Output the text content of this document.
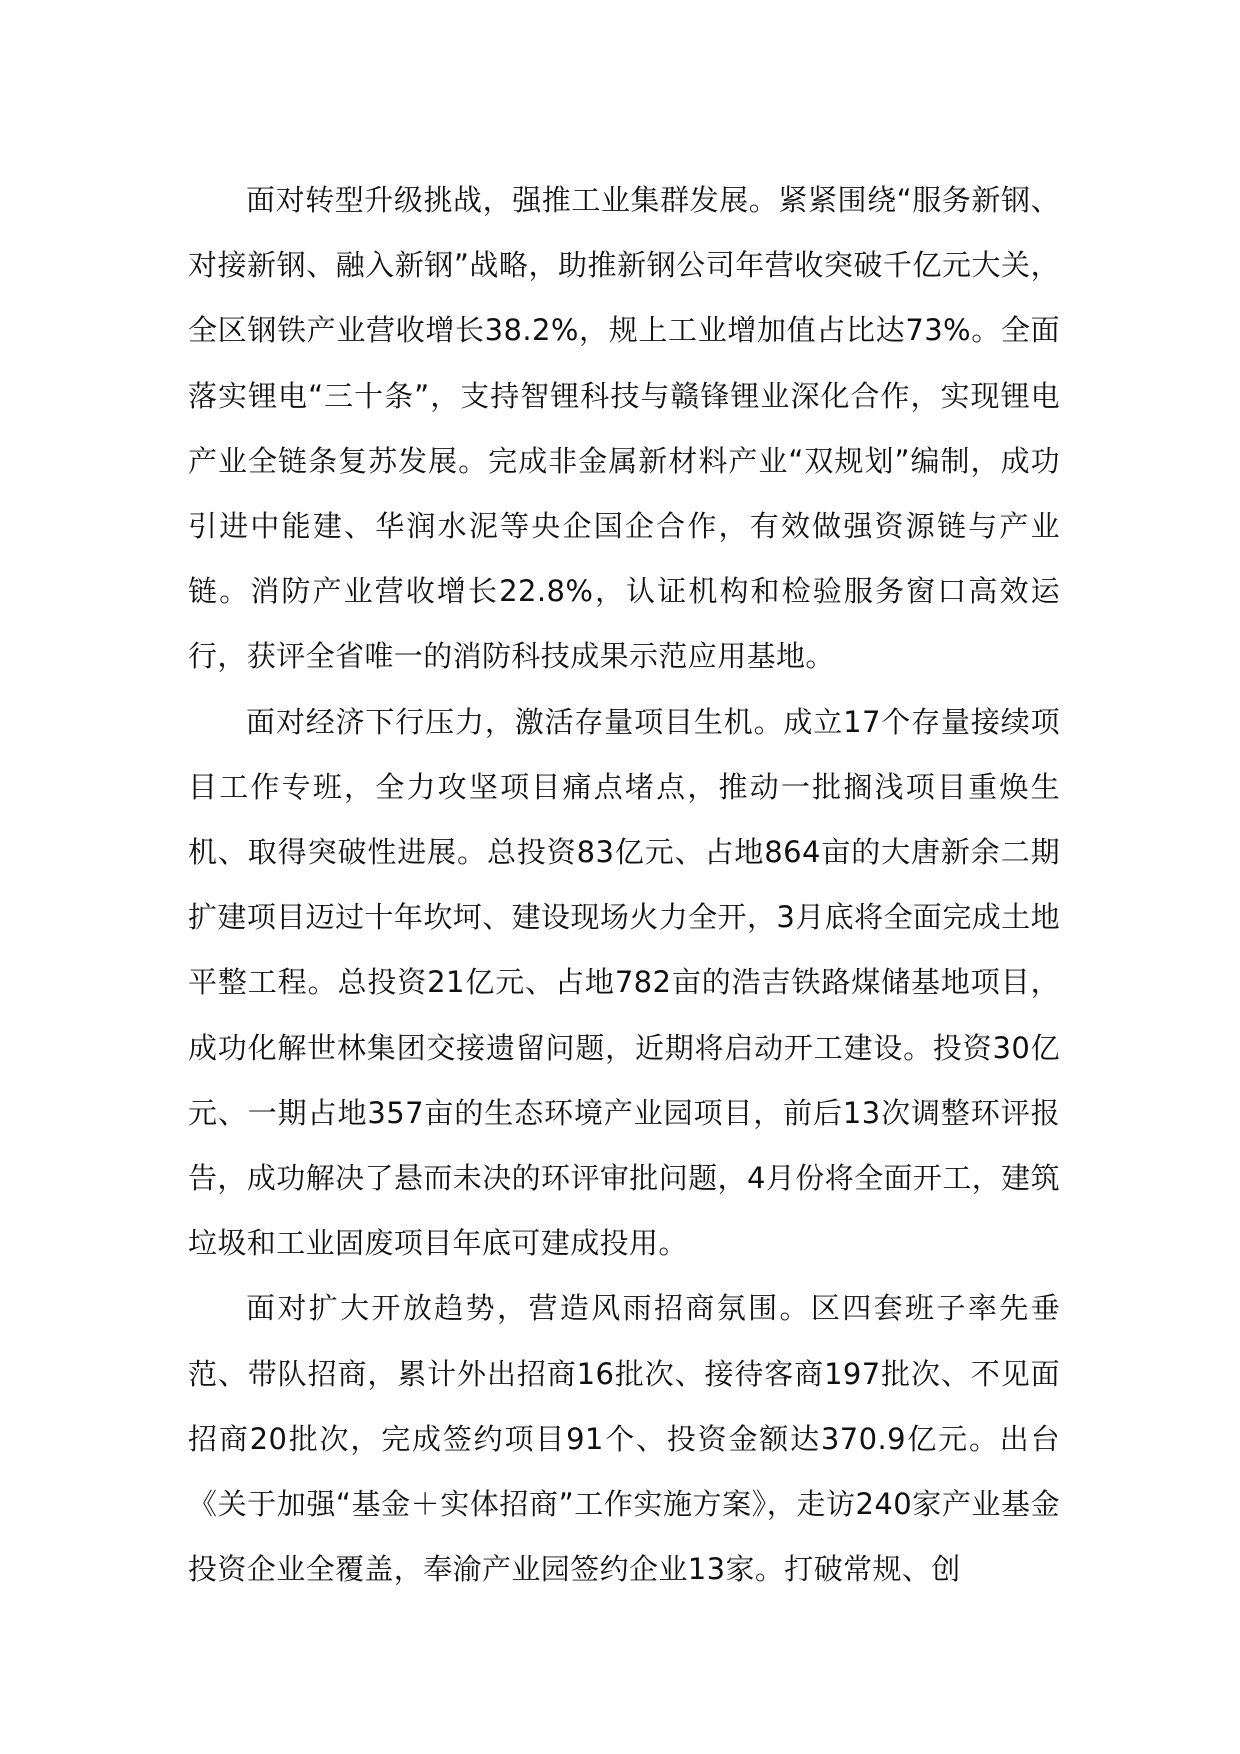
面对转型升级挑战，强推工业集群发展。紧紧围绕“服务新钢、对接新钢、融入新钢”战略，助推新钢公司年营收突破千亿元大关，全区钢铁产业营收增长38.2%，规上工业增加值占比达73%。全面落实锂电“三十条”，支持智锂科技与赣锋锂业深化合作，实现锂电产业全链条复苏发展。完成非金属新材料产业“双规划”编制，成功引进中能建、华润水泥等央企国企合作，有效做强资源链与产业链。消防产业营收增长22.8%，认证机构和检验服务窗口高效运行，获评全省唯一的消防科技成果示范应用基地。

面对经济下行压力，激活存量项目生机。成立17个存量接续项目工作专班，全力攻坚项目痛点堵点，推动一批搁浅项目重焕生机、取得突破性进展。总投资83亿元、占地864亩的大唐新余二期扩建项目迈过十年坎坷、建设现场火力全开，3月底将全面完成土地平整工程。总投资21亿元、占地782亩的浩吉铁路煤储基地项目，成功化解世林集团交接遗留问题，近期将启动开工建设。投资30亿元、一期占地357亩的生态环境产业园项目，前后13次调整环评报告，成功解决了悬而未决的环评审批问题，4月份将全面开工，建筑垃圾和工业固废项目年底可建成投用。

面对扩大开放趋势，营造风雨招商氛围。区四套班子率先垂范、带队招商，累计外出招商16批次、接待客商197批次、不见面招商20批次，完成签约项目91个、投资金额达370.9亿元。出台《关于加强“基金＋实体招商”工作实施方案》，走访240家产业基金投资企业全覆盖，奉渝产业园签约企业13家。打破常规、创
